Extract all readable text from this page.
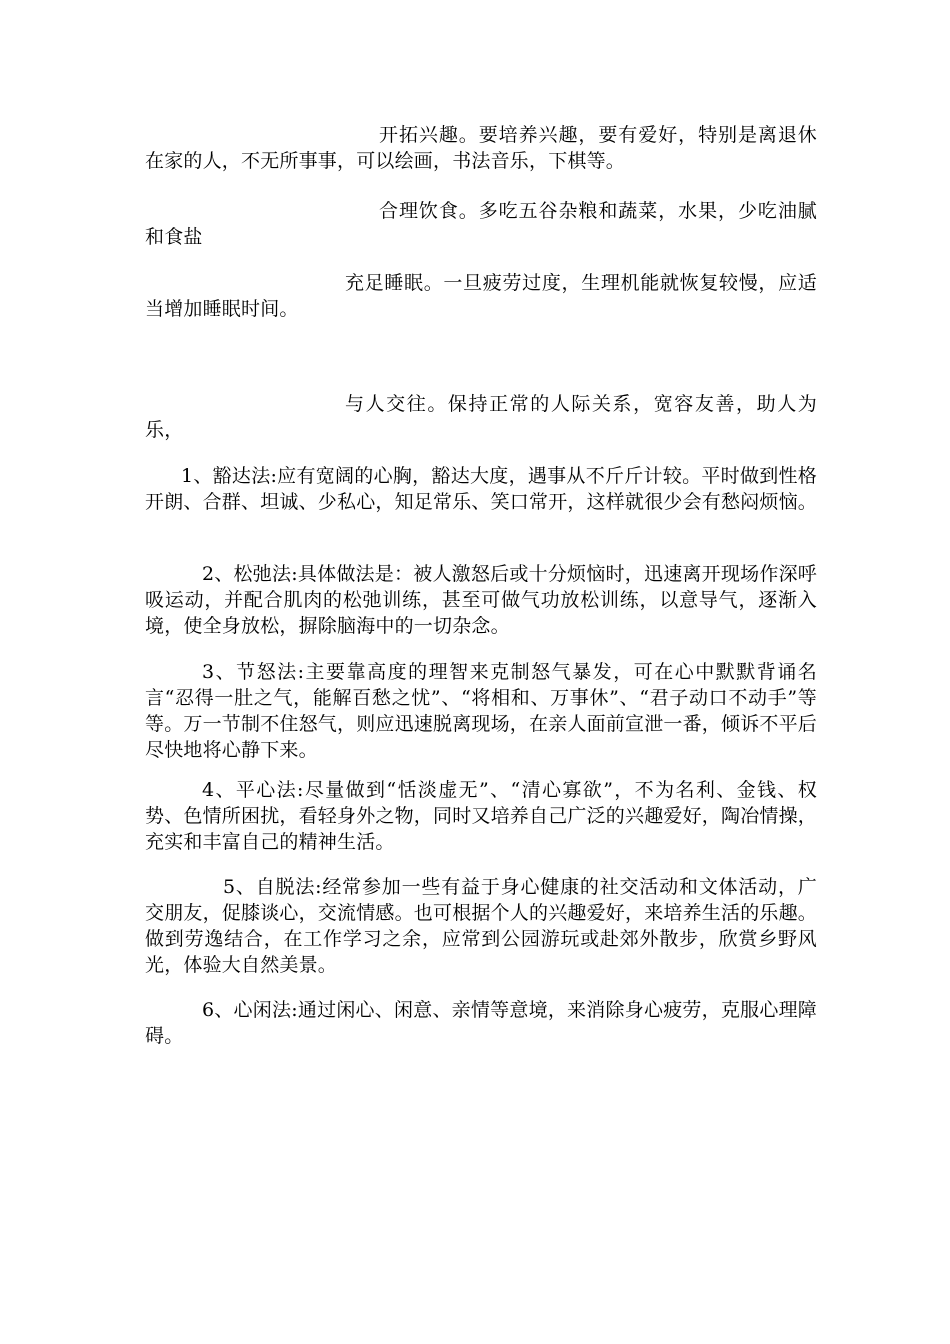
开拓兴趣。要培养兴趣，要有爱好，特别是离退休在家的人，不无所事事，可以绘画，书法音乐，下棋等。

合理饮食。多吃五谷杂粮和蔬菜，水果，少吃油腻和食盐

充足睡眠。一旦疲劳过度，生理机能就恢复较慢，应适当增加睡眠时间。

与人交往。保持正常的人际关系，宽容友善，助人为乐，

1、豁达法:应有宽阔的心胸，豁达大度，遇事从不斤斤计较。平时做到性格开朗、合群、坦诚、少私心，知足常乐、笑口常开，这样就很少会有愁闷烦恼。

2、松弛法:具体做法是：被人激怒后或十分烦恼时，迅速离开现场作深呼吸运动，并配合肌肉的松弛训练，甚至可做气功放松训练，以意导气，逐渐入境，使全身放松，摒除脑海中的一切杂念。

3、节怒法:主要靠高度的理智来克制怒气暴发，可在心中默默背诵名言“忍得一肚之气，能解百愁之忧”、“将相和、万事休”、“君子动口不动手”等等。万一节制不住怒气，则应迅速脱离现场，在亲人面前宣泄一番，倾诉不平后尽快地将心静下来。

4、平心法:尽量做到“恬淡虚无”、“清心寡欲”，不为名利、金钱、权势、色情所困扰，看轻身外之物，同时又培养自己广泛的兴趣爱好，陶冶情操，充实和丰富自己的精神生活。

5、自脱法:经常参加一些有益于身心健康的社交活动和文体活动，广交朋友，促膝谈心，交流情感。也可根据个人的兴趣爱好，来培养生活的乐趣。做到劳逸结合，在工作学习之余，应常到公园游玩或赴郊外散步，欣赏乡野风光，体验大自然美景。

6、心闲法:通过闲心、闲意、亲情等意境，来消除身心疲劳，克服心理障碍。
